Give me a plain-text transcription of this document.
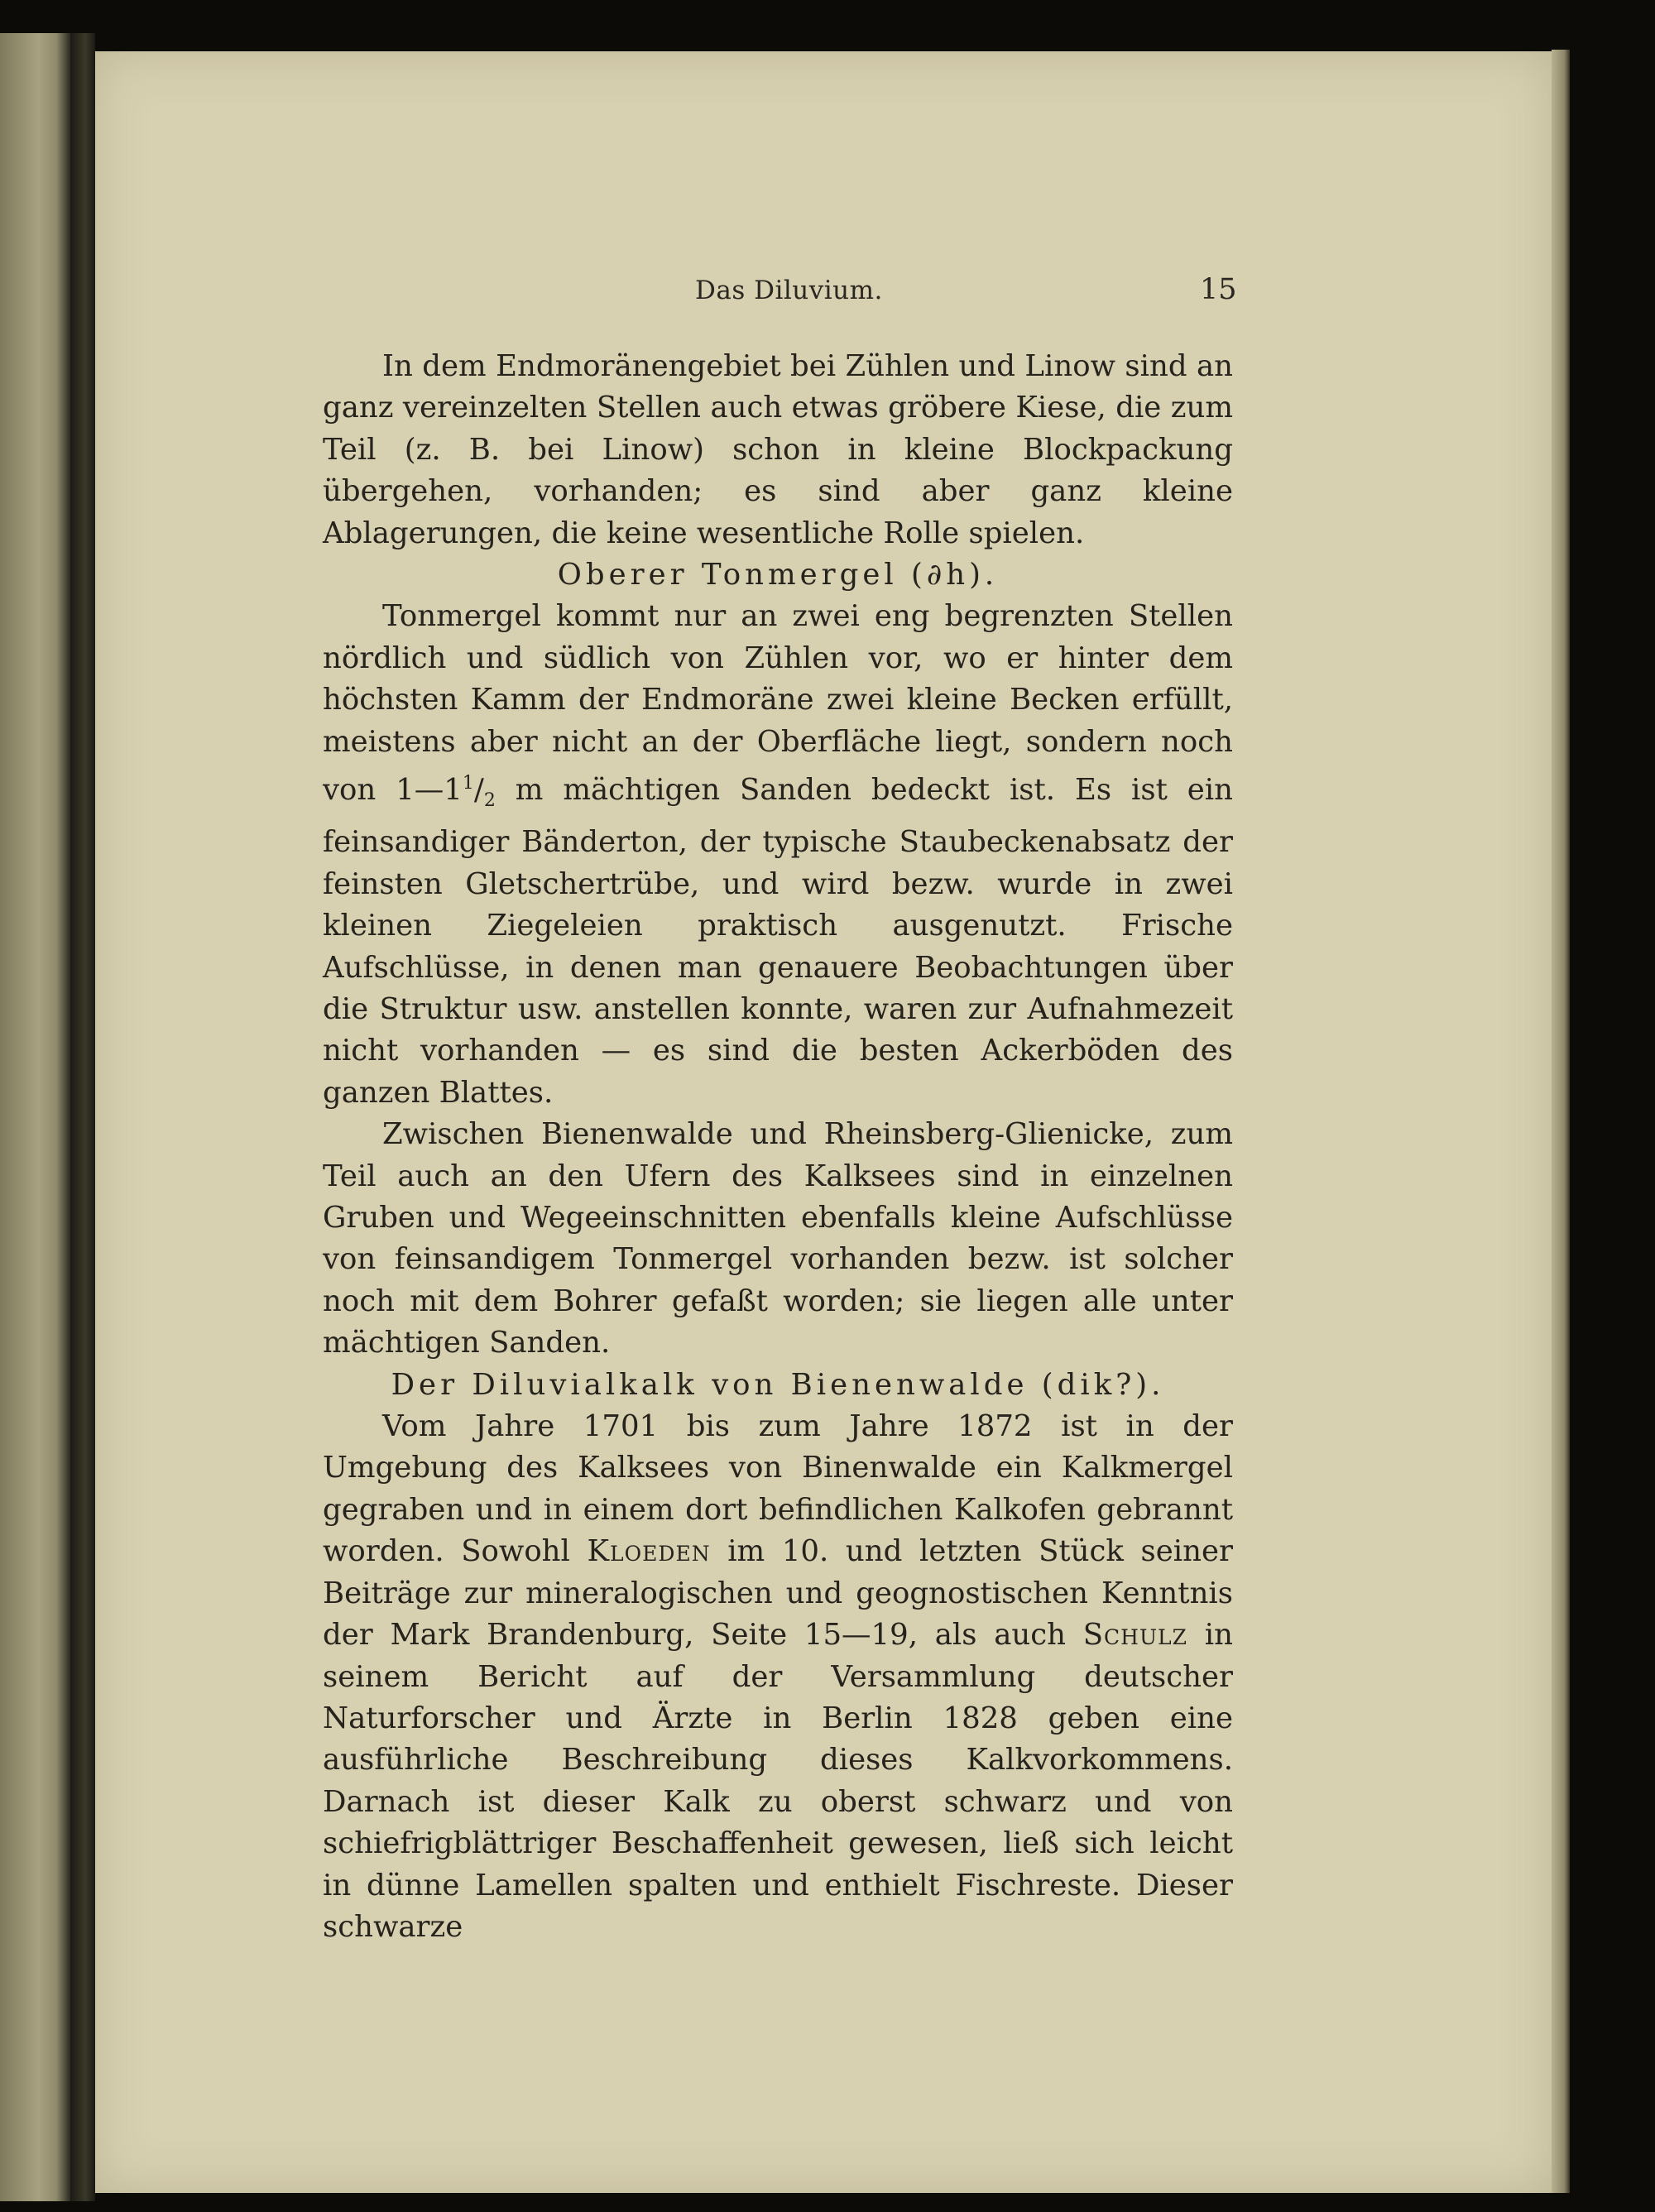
Das Diluvium.	15

In dem Endmoränengebiet bei Zühlen und Linow sind an ganz vereinzelten Stellen auch etwas gröbere Kiese, die zum Teil (z. B. bei Linow) schon in kleine Blockpackung übergehen, vorhanden; es sind aber ganz kleine Ablagerungen, die keine wesentliche Rolle spielen.

Oberer Tonmergel (∂h).

Tonmergel kommt nur an zwei eng begrenzten Stellen nördlich und südlich von Zühlen vor, wo er hinter dem höchsten Kamm der Endmoräne zwei kleine Becken erfüllt, meistens aber nicht an der Oberfläche liegt, sondern noch von $1—1^1/_2$ m mächtigen Sanden bedeckt ist. Es ist ein feinsandiger Bänderton, der typische Staubeckenabsatz der feinsten Gletschertrübe, und wird bezw. wurde in zwei kleinen Ziegeleien praktisch ausgenutzt. Frische Aufschlüsse, in denen man genauere Beobachtungen über die Struktur usw. anstellen konnte, waren zur Aufnahmezeit nicht vorhanden — es sind die besten Ackerböden des ganzen Blattes.

Zwischen Bienenwalde und Rheinsberg-Glienicke, zum Teil auch an den Ufern des Kalksees sind in einzelnen Gruben und Wegeeinschnitten ebenfalls kleine Aufschlüsse von feinsandigem Tonmergel vorhanden bezw. ist solcher noch mit dem Bohrer gefaßt worden; sie liegen alle unter mächtigen Sanden.

Der Diluvialkalk von Bienenwalde (dik?).

Vom Jahre 1701 bis zum Jahre 1872 ist in der Umgebung des Kalksees von Binenwalde ein Kalkmergel gegraben und in einem dort befindlichen Kalkofen gebrannt worden. Sowohl Kloeden im 10. und letzten Stück seiner Beiträge zur mineralogischen und geognostischen Kenntnis der Mark Brandenburg, Seite 15—19, als auch Schulz in seinem Bericht auf der Versammlung deutscher Naturforscher und Ärzte in Berlin 1828 geben eine ausführliche Beschreibung dieses Kalkvorkommens. Darnach ist dieser Kalk zu oberst schwarz und von schiefrigblättriger Beschaffenheit gewesen, ließ sich leicht in dünne Lamellen spalten und enthielt Fischreste. Dieser schwarze
